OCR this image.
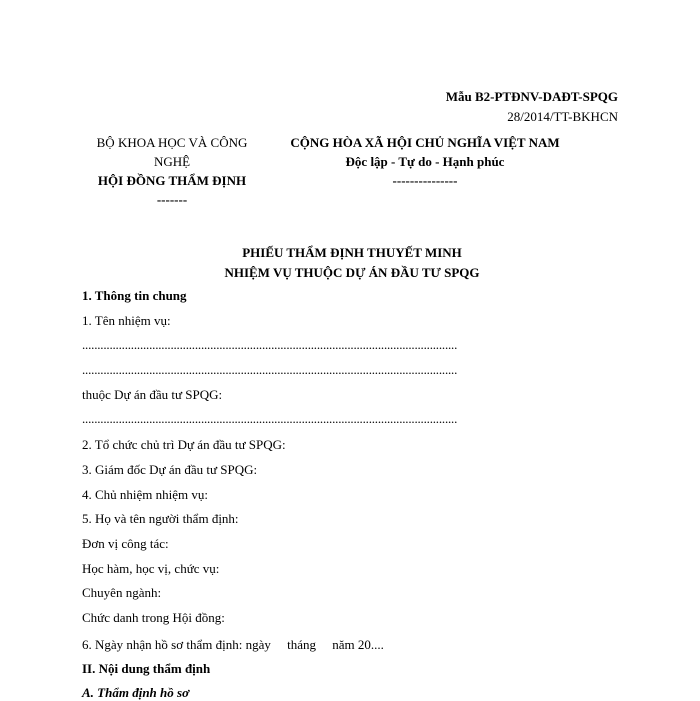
Mẫu B2-PTĐNV-DAĐT-SPQG
28/2014/TT-BKHCN
BỘ KHOA HỌC VÀ CÔNG
NGHỆ
HỘI ĐỒNG THẨM ĐỊNH
-------
CỘNG HÒA XÃ HỘI CHỦ NGHĨA VIỆT NAM
Độc lập - Tự do - Hạnh phúc
---------------
PHIẾU THẨM ĐỊNH THUYẾT MINH
NHIỆM VỤ THUỘC DỰ ÁN ĐẦU TƯ SPQG
1. Thông tin chung
1. Tên nhiệm vụ:
...........................................................................................................................
...........................................................................................................................
thuộc Dự án đầu tư SPQG:
...........................................................................................................................
2. Tổ chức chủ trì Dự án đầu tư SPQG:
3. Giám đốc Dự án đầu tư SPQG:
4. Chủ nhiệm nhiệm vụ:
5. Họ và tên người thẩm định:
Đơn vị công tác:
Học hàm, học vị, chức vụ:
Chuyên ngành:
Chức danh trong Hội đồng:
6. Ngày nhận hồ sơ thẩm định: ngày     tháng     năm 20....
II. Nội dung thẩm định
A. Thẩm định hồ sơ
